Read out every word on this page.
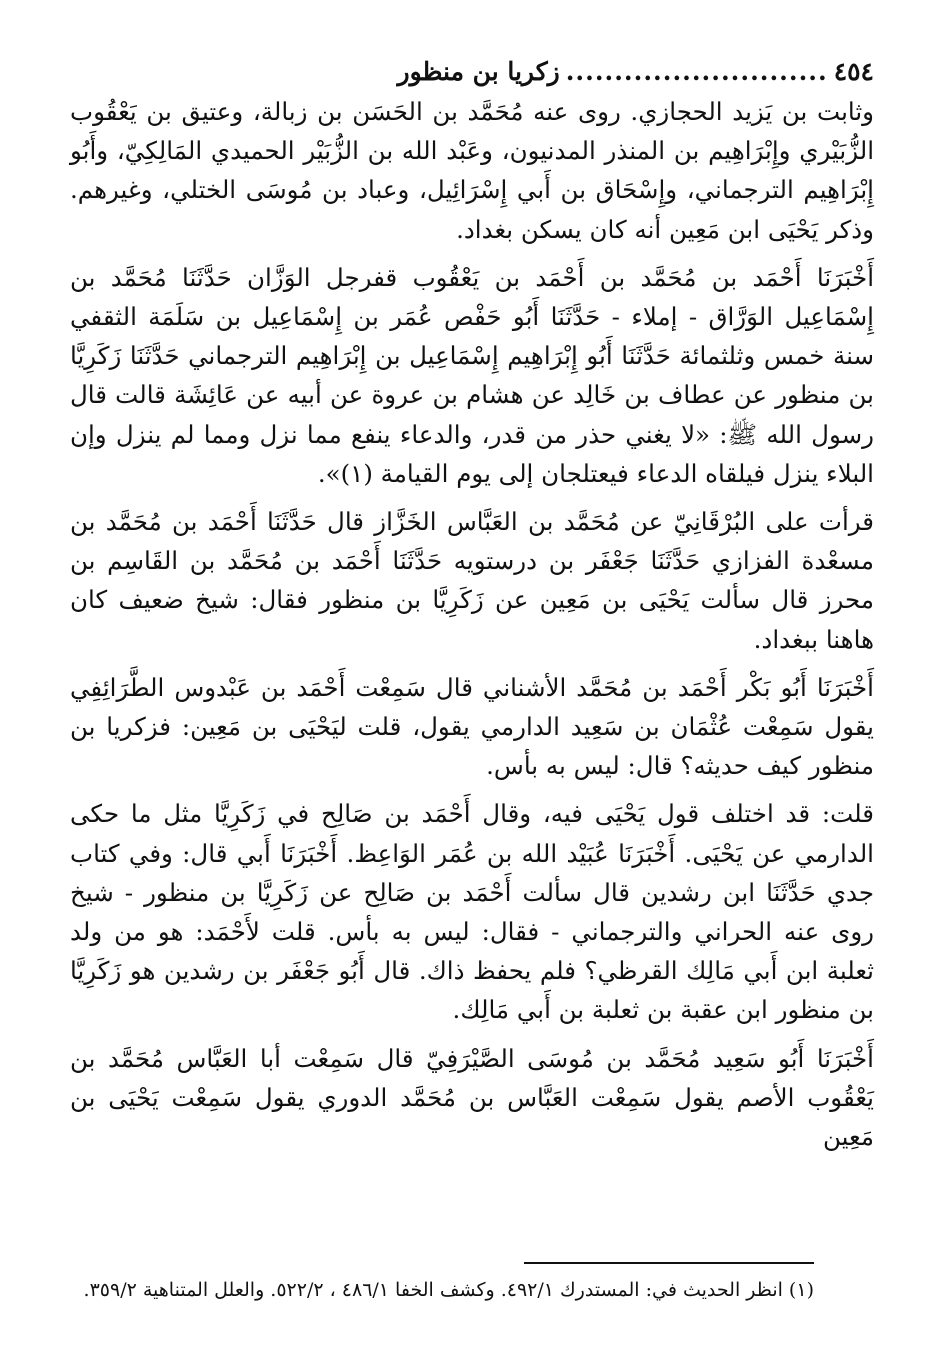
٤٥٤
...........................
زكريا بن منظور

وثابت بن يَزيد الحجازي. روى عنه مُحَمَّد بن الحَسَن بن زبالة، وعتيق بن يَعْقُوب الزُّبَيْري وإِبْرَاهِيم بن المنذر المدنيون، وعَبْد الله بن الزُّبَيْر الحميدي المَالِكِيّ، وأَبُو إِبْرَاهِيم الترجماني، وإِسْحَاق بن أَبي إِسْرَائِيل، وعباد بن مُوسَى الختلي، وغيرهم. وذكر يَحْيَى ابن مَعِين أنه كان يسكن بغداد.

أَخْبَرَنَا أَحْمَد بن مُحَمَّد بن أَحْمَد بن يَعْقُوب قفرجل الوَزَّان حَدَّثَنَا مُحَمَّد بن إِسْمَاعِيل الوَرَّاق - إملاء - حَدَّثَنَا أَبُو حَفْص عُمَر بن إِسْمَاعِيل بن سَلَمَة الثقفي سنة خمس وثلثمائة حَدَّثَنَا أَبُو إِبْرَاهِيم إِسْمَاعِيل بن إِبْرَاهِيم الترجماني حَدَّثَنَا زَكَرِيَّا بن منظور عن عطاف بن خَالِد عن هشام بن عروة عن أبيه عن عَائِشَة قالت قال رسول الله ﷺ: «لا يغني حذر من قدر، والدعاء ينفع مما نزل ومما لم ينزل وإن البلاء ينزل فيلقاه الدعاء فيعتلجان إلى يوم القيامة (١)».

قرأت على البُرْقَانِيّ عن مُحَمَّد بن العَبَّاس الخَزَّاز قال حَدَّثَنَا أَحْمَد بن مُحَمَّد بن مسعْدة الفزازي حَدَّثَنَا جَعْفَر بن درستويه حَدَّثَنَا أَحْمَد بن مُحَمَّد بن القَاسِم بن محرز قال سألت يَحْيَى بن مَعِين عن زَكَرِيَّا بن منظور فقال: شيخ ضعيف كان هاهنا ببغداد.

أَخْبَرَنَا أَبُو بَكْر أَحْمَد بن مُحَمَّد الأشناني قال سَمِعْت أَحْمَد بن عَبْدوس الطَّرَائِفِي يقول سَمِعْت عُثْمَان بن سَعِيد الدارمي يقول، قلت ليَحْيَى بن مَعِين: فزكريا بن منظور كيف حديثه؟ قال: ليس به بأس.

قلت: قد اختلف قول يَحْيَى فيه، وقال أَحْمَد بن صَالِح في زَكَرِيَّا مثل ما حكى الدارمي عن يَحْيَى. أَخْبَرَنَا عُبَيْد الله بن عُمَر الوَاعِظ. أَخْبَرَنَا أَبي قال: وفي كتاب جدي حَدَّثَنَا ابن رشدين قال سألت أَحْمَد بن صَالِح عن زَكَرِيَّا بن منظور - شيخ روى عنه الحراني والترجماني - فقال: ليس به بأس. قلت لأَحْمَد: هو من ولد ثعلبة ابن أَبي مَالِك القرظي؟ فلم يحفظ ذاك. قال أَبُو جَعْفَر بن رشدين هو زَكَرِيَّا بن منظور ابن عقبة بن ثعلبة بن أَبي مَالِك.

أَخْبَرَنَا أَبُو سَعِيد مُحَمَّد بن مُوسَى الصَّيْرَفِيّ قال سَمِعْت أبا العَبَّاس مُحَمَّد بن يَعْقُوب الأصم يقول سَمِعْت العَبَّاس بن مُحَمَّد الدوري يقول سَمِعْت يَحْيَى بن مَعِين

(١) انظر الحديث في: المستدرك ٤٩٢/١. وكشف الخفا ٤٨٦/١ ، ٥٢٢/٢. والعلل المتناهية ٣٥٩/٢.
